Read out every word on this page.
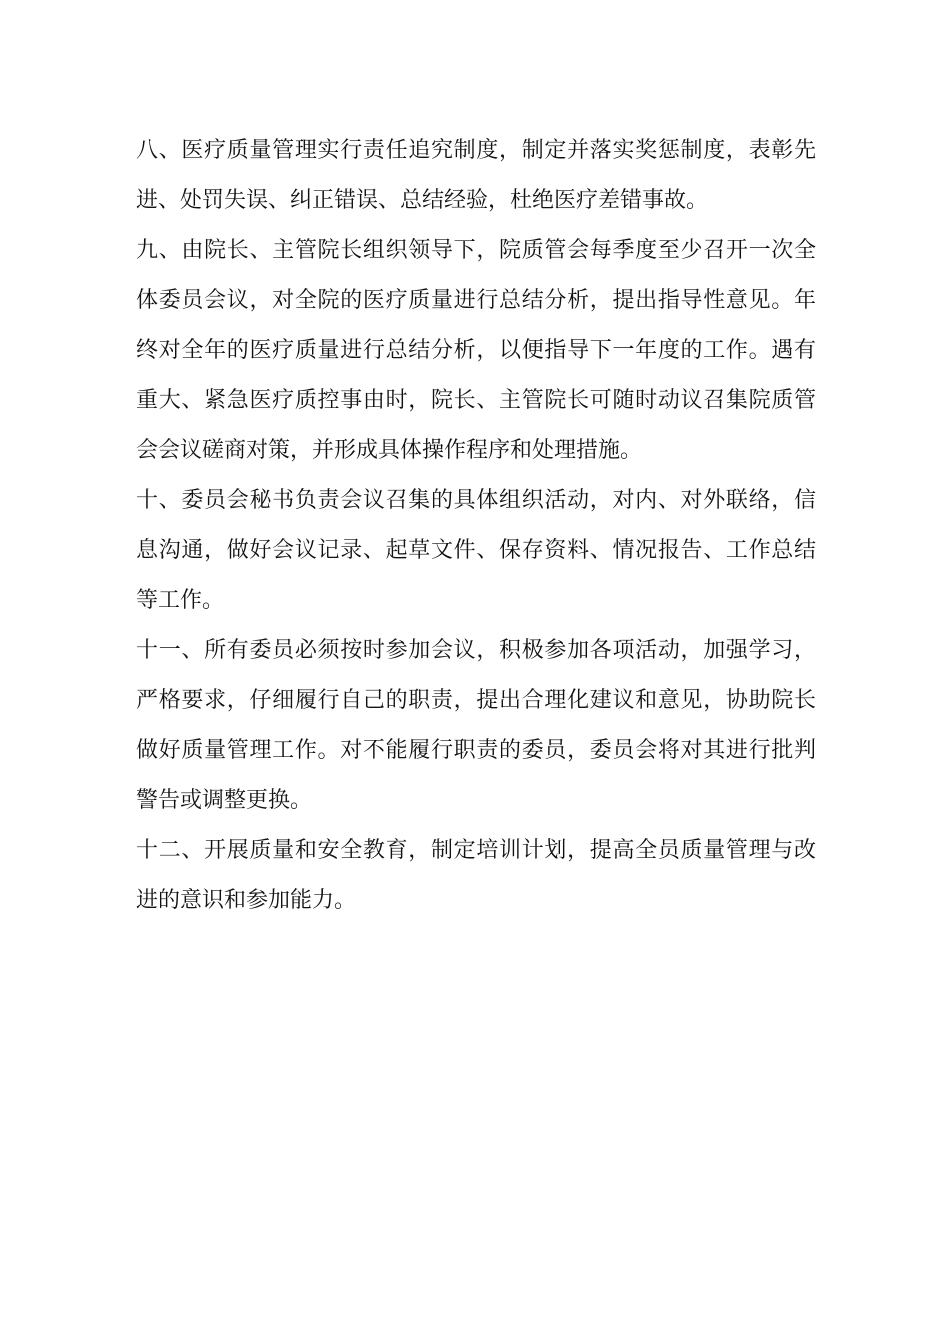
八、医疗质量管理实行责任追究制度，制定并落实奖惩制度，表彰先
进、处罚失误、纠正错误、总结经验，杜绝医疗差错事故。

九、由院长、主管院长组织领导下，院质管会每季度至少召开一次全
体委员会议，对全院的医疗质量进行总结分析，提出指导性意见。年
终对全年的医疗质量进行总结分析，以便指导下一年度的工作。遇有
重大、紧急医疗质控事由时，院长、主管院长可随时动议召集院质管
会会议磋商对策，并形成具体操作程序和处理措施。

十、委员会秘书负责会议召集的具体组织活动，对内、对外联络，信
息沟通，做好会议记录、起草文件、保存资料、情况报告、工作总结
等工作。

十一、所有委员必须按时参加会议，积极参加各项活动，加强学习，
严格要求，仔细履行自己的职责，提出合理化建议和意见，协助院长
做好质量管理工作。对不能履行职责的委员，委员会将对其进行批判
警告或调整更换。

十二、开展质量和安全教育，制定培训计划，提高全员质量管理与改
进的意识和参加能力。
